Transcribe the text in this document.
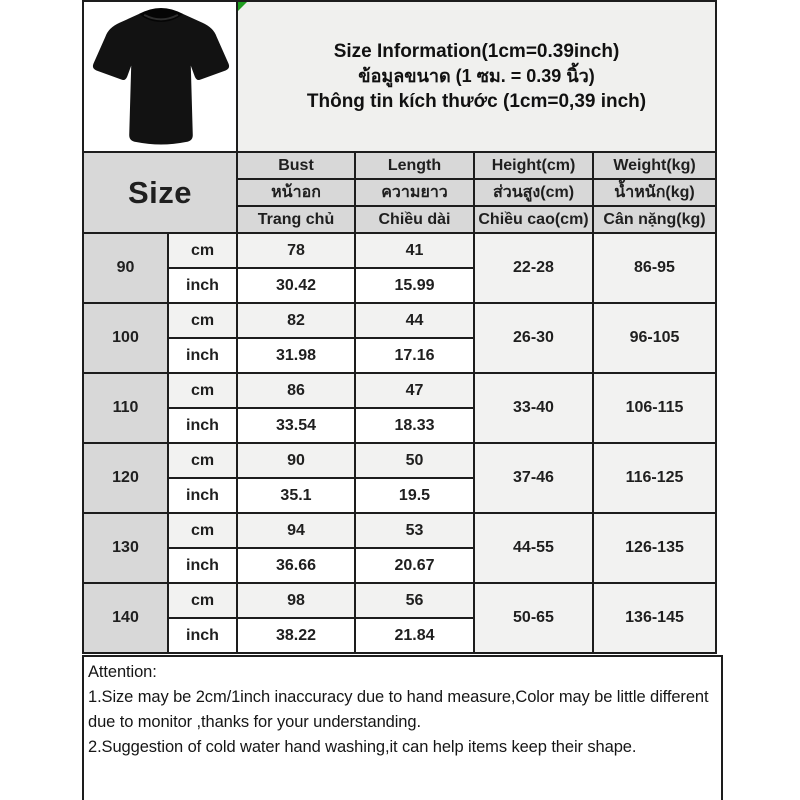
Size Information(1cm=0.39inch)
ข้อมูลขนาด (1 ซม. = 0.39 นิ้ว)
Thông tin kích thước (1cm=0,39 inch)			

Size		Bust	Length	Height(cm)	Weight(kg)
		หน้าอก	ความยาว	ส่วนสูง(cm)	น้ำหนัก(kg)
		Trang chủ	Chiều dài	Chiều cao(cm)	Cân nặng(kg)
90	cm	78	41	22-28	86-95
	inch	30.42	15.99		
100	cm	82	44	26-30	96-105
	inch	31.98	17.16		
110	cm	86	47	33-40	106-115
	inch	33.54	18.33		
120	cm	90	50	37-46	116-125
	inch	35.1	19.5		
130	cm	94	53	44-55	126-135
	inch	36.66	20.67		
140	cm	98	56	50-65	136-145
	inch	38.22	21.84		
Attention:
1.Size may be 2cm/1inch inaccuracy due to hand measure,Color may be little different due to monitor ,thanks for your understanding.
2.Suggestion of cold water hand washing,it can help items keep their shape.
